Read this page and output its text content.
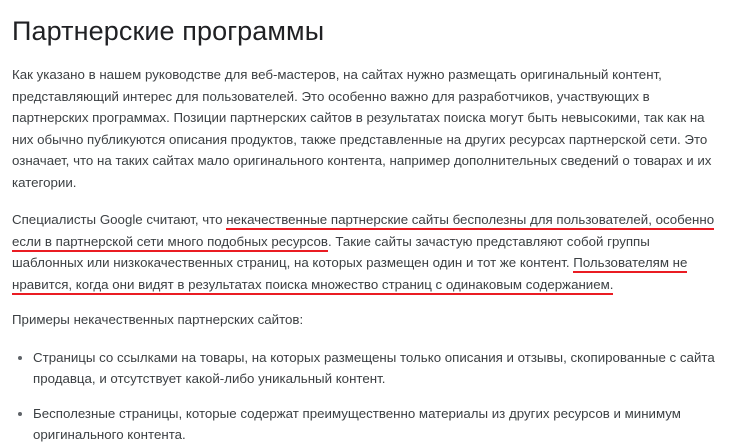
Партнерские программы

Как указано в нашем руководстве для веб-мастеров, на сайтах нужно размещать оригинальный контент, представляющий интерес для пользователей. Это особенно важно для разработчиков, участвующих в партнерских программах. Позиции партнерских сайтов в результатах поиска могут быть невысокими, так как на них обычно публикуются описания продуктов, также представленные на других ресурсах партнерской сети. Это означает, что на таких сайтах мало оригинального контента, например дополнительных сведений о товарах и их категории.

Специалисты Google считают, что некачественные партнерские сайты бесполезны для пользователей, особенно если в партнерской сети много подобных ресурсов. Такие сайты зачастую представляют собой группы шаблонных или низкокачественных страниц, на которых размещен один и тот же контент. Пользователям не нравится, когда они видят в результатах поиска множество страниц с одинаковым содержанием.

Примеры некачественных партнерских сайтов:

Страницы со ссылками на товары, на которых размещены только описания и отзывы, скопированные с сайта продавца, и отсутствует какой-либо уникальный контент.
Бесполезные страницы, которые содержат преимущественно материалы из других ресурсов и минимум оригинального контента.
